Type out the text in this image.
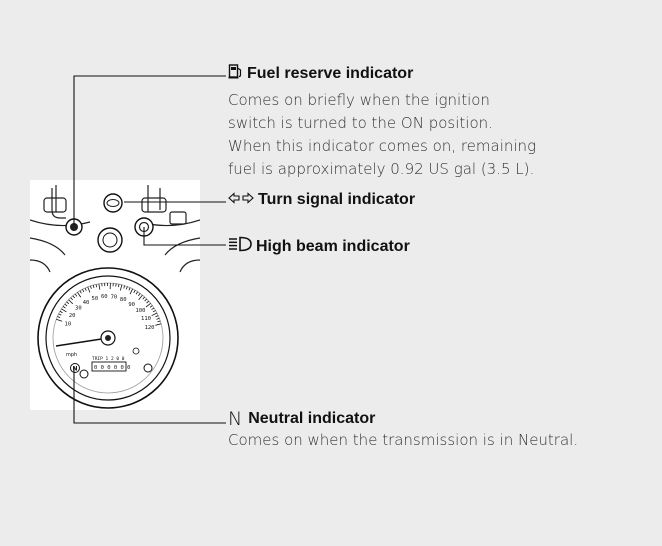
10
20
30
40
50 60 70 80
90
100
110
120
mph
TRIP 1 2 0 0
0 0 0 0 0 0
N
Fuel reserve indicator
Comes on briefly when the ignition
switch is turned to the ON position.
When this indicator comes on, remaining
fuel is approximately 0.92 US gal (3.5 L).
Turn signal indicator
High beam indicator
N Neutral indicator
Comes on when the transmission is in Neutral.
